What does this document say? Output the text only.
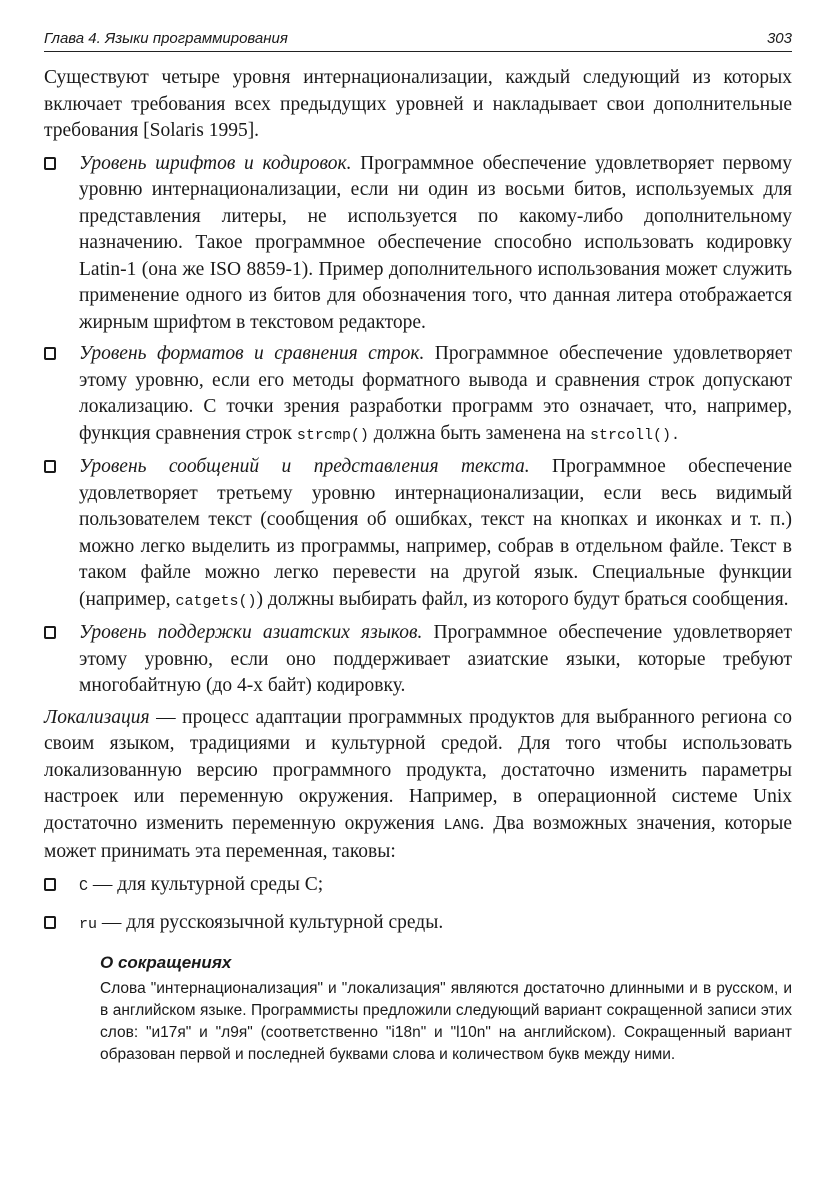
Глава 4. Языки программирования	303

Существуют четыре уровня интернационализации, каждый следующий из которых включает требования всех предыдущих уровней и накладывает свои дополнительные требования [Solaris 1995].

Уровень шрифтов и кодировок. Программное обеспечение удовлетворяет первому уровню интернационализации, если ни один из восьми битов, используемых для представления литеры, не используется по какому-либо дополнительному назначению. Такое программное обеспечение способно использовать кодировку Latin-1 (она же ISO 8859-1). Пример дополнительного использования может служить применение одного из битов для обозначения того, что данная литера отображается жирным шрифтом в текстовом редакторе.
Уровень форматов и сравнения строк. Программное обеспечение удовлетворяет этому уровню, если его методы форматного вывода и сравнения строк допускают локализацию. С точки зрения разработки программ это означает, что, например, функция сравнения строк strcmp() должна быть заменена на strcoll().
Уровень сообщений и представления текста. Программное обеспечение удовлетворяет третьему уровню интернационализации, если весь видимый пользователем текст (сообщения об ошибках, текст на кнопках и иконках и т. п.) можно легко выделить из программы, например, собрав в отдельном файле. Текст в таком файле можно легко перевести на другой язык. Специальные функции (например, catgets()) должны выбирать файл, из которого будут браться сообщения.
Уровень поддержки азиатских языков. Программное обеспечение удовлетворяет этому уровню, если оно поддерживает азиатские языки, которые требуют многобайтную (до 4-х байт) кодировку.

Локализация — процесс адаптации программных продуктов для выбранного региона со своим языком, традициями и культурной средой. Для того чтобы использовать локализованную версию программного продукта, достаточно изменить параметры настроек или переменную окружения. Например, в операционной системе Unix достаточно изменить переменную окружения LANG. Два возможных значения, которые может принимать эта переменная, таковы:

C — для культурной среды C;
ru — для русскоязычной культурной среды.
О сокращениях

Слова "интернационализация" и "локализация" являются достаточно длинными и в русском, и в английском языке. Программисты предложили следующий вариант сокращенной записи этих слов: "и17я" и "л9я" (соответственно "i18n" и "l10n" на английском). Сокращенный вариант образован первой и последней буквами слова и количеством букв между ними.
